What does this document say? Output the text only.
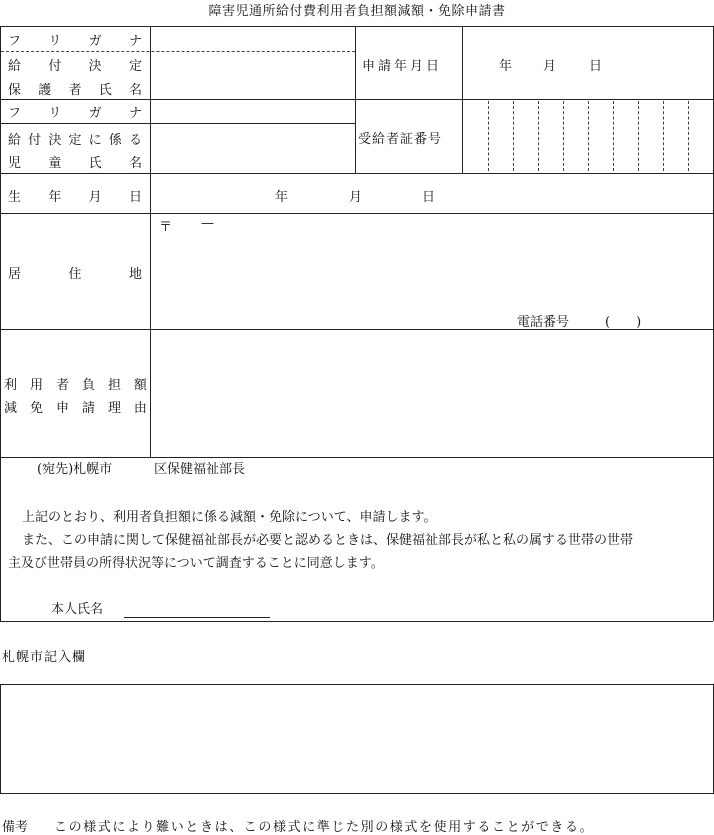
障害児通所給付費利用者負担額減額・免除申請書
フ リ ガ ナ
給 付 決 定
保 護 者 氏 名
申請年月日	年 月	日
フ リ ガ ナ
給 付 決 定 に 係 る
児 童 氏 名
受給者証番号
生 年 月 日	年	月	日
居	住	地
〒 —
電話番号	(　　)
利 用 者 負 担 額
減 免 申 請 理 由
(宛先)札幌市	区保健福祉部長
上記のとおり、利用者負担額に係る減額・免除について、申請します。
また、この申請に関して保健福祉部長が必要と認めるときは、保健福祉部長が私と私の属する世帯の世帯
主及び世帯員の所得状況等について調査することに同意します。
本人氏名
札幌市記入欄
備考 この様式により難いときは、この様式に準じた別の様式を使用することができる。
